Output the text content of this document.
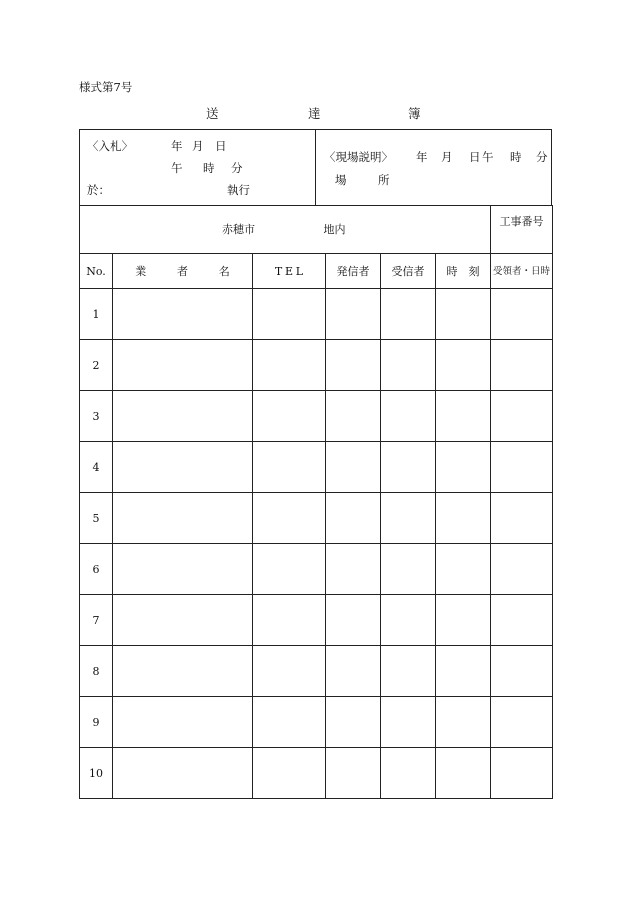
様式第7号
送	達	簿
〈入札〉	年 月 日
午 時 分
於：	執行
〈現場説明〉 年 月 日 午 時 分
場	所
赤穂市 地内						工事番号
No.	業　者　名	TEL	発信者	受信者	時　刻	受領者・日時
1						
2						
3						
4						
5						
6						
7						
8						
9						
10						
